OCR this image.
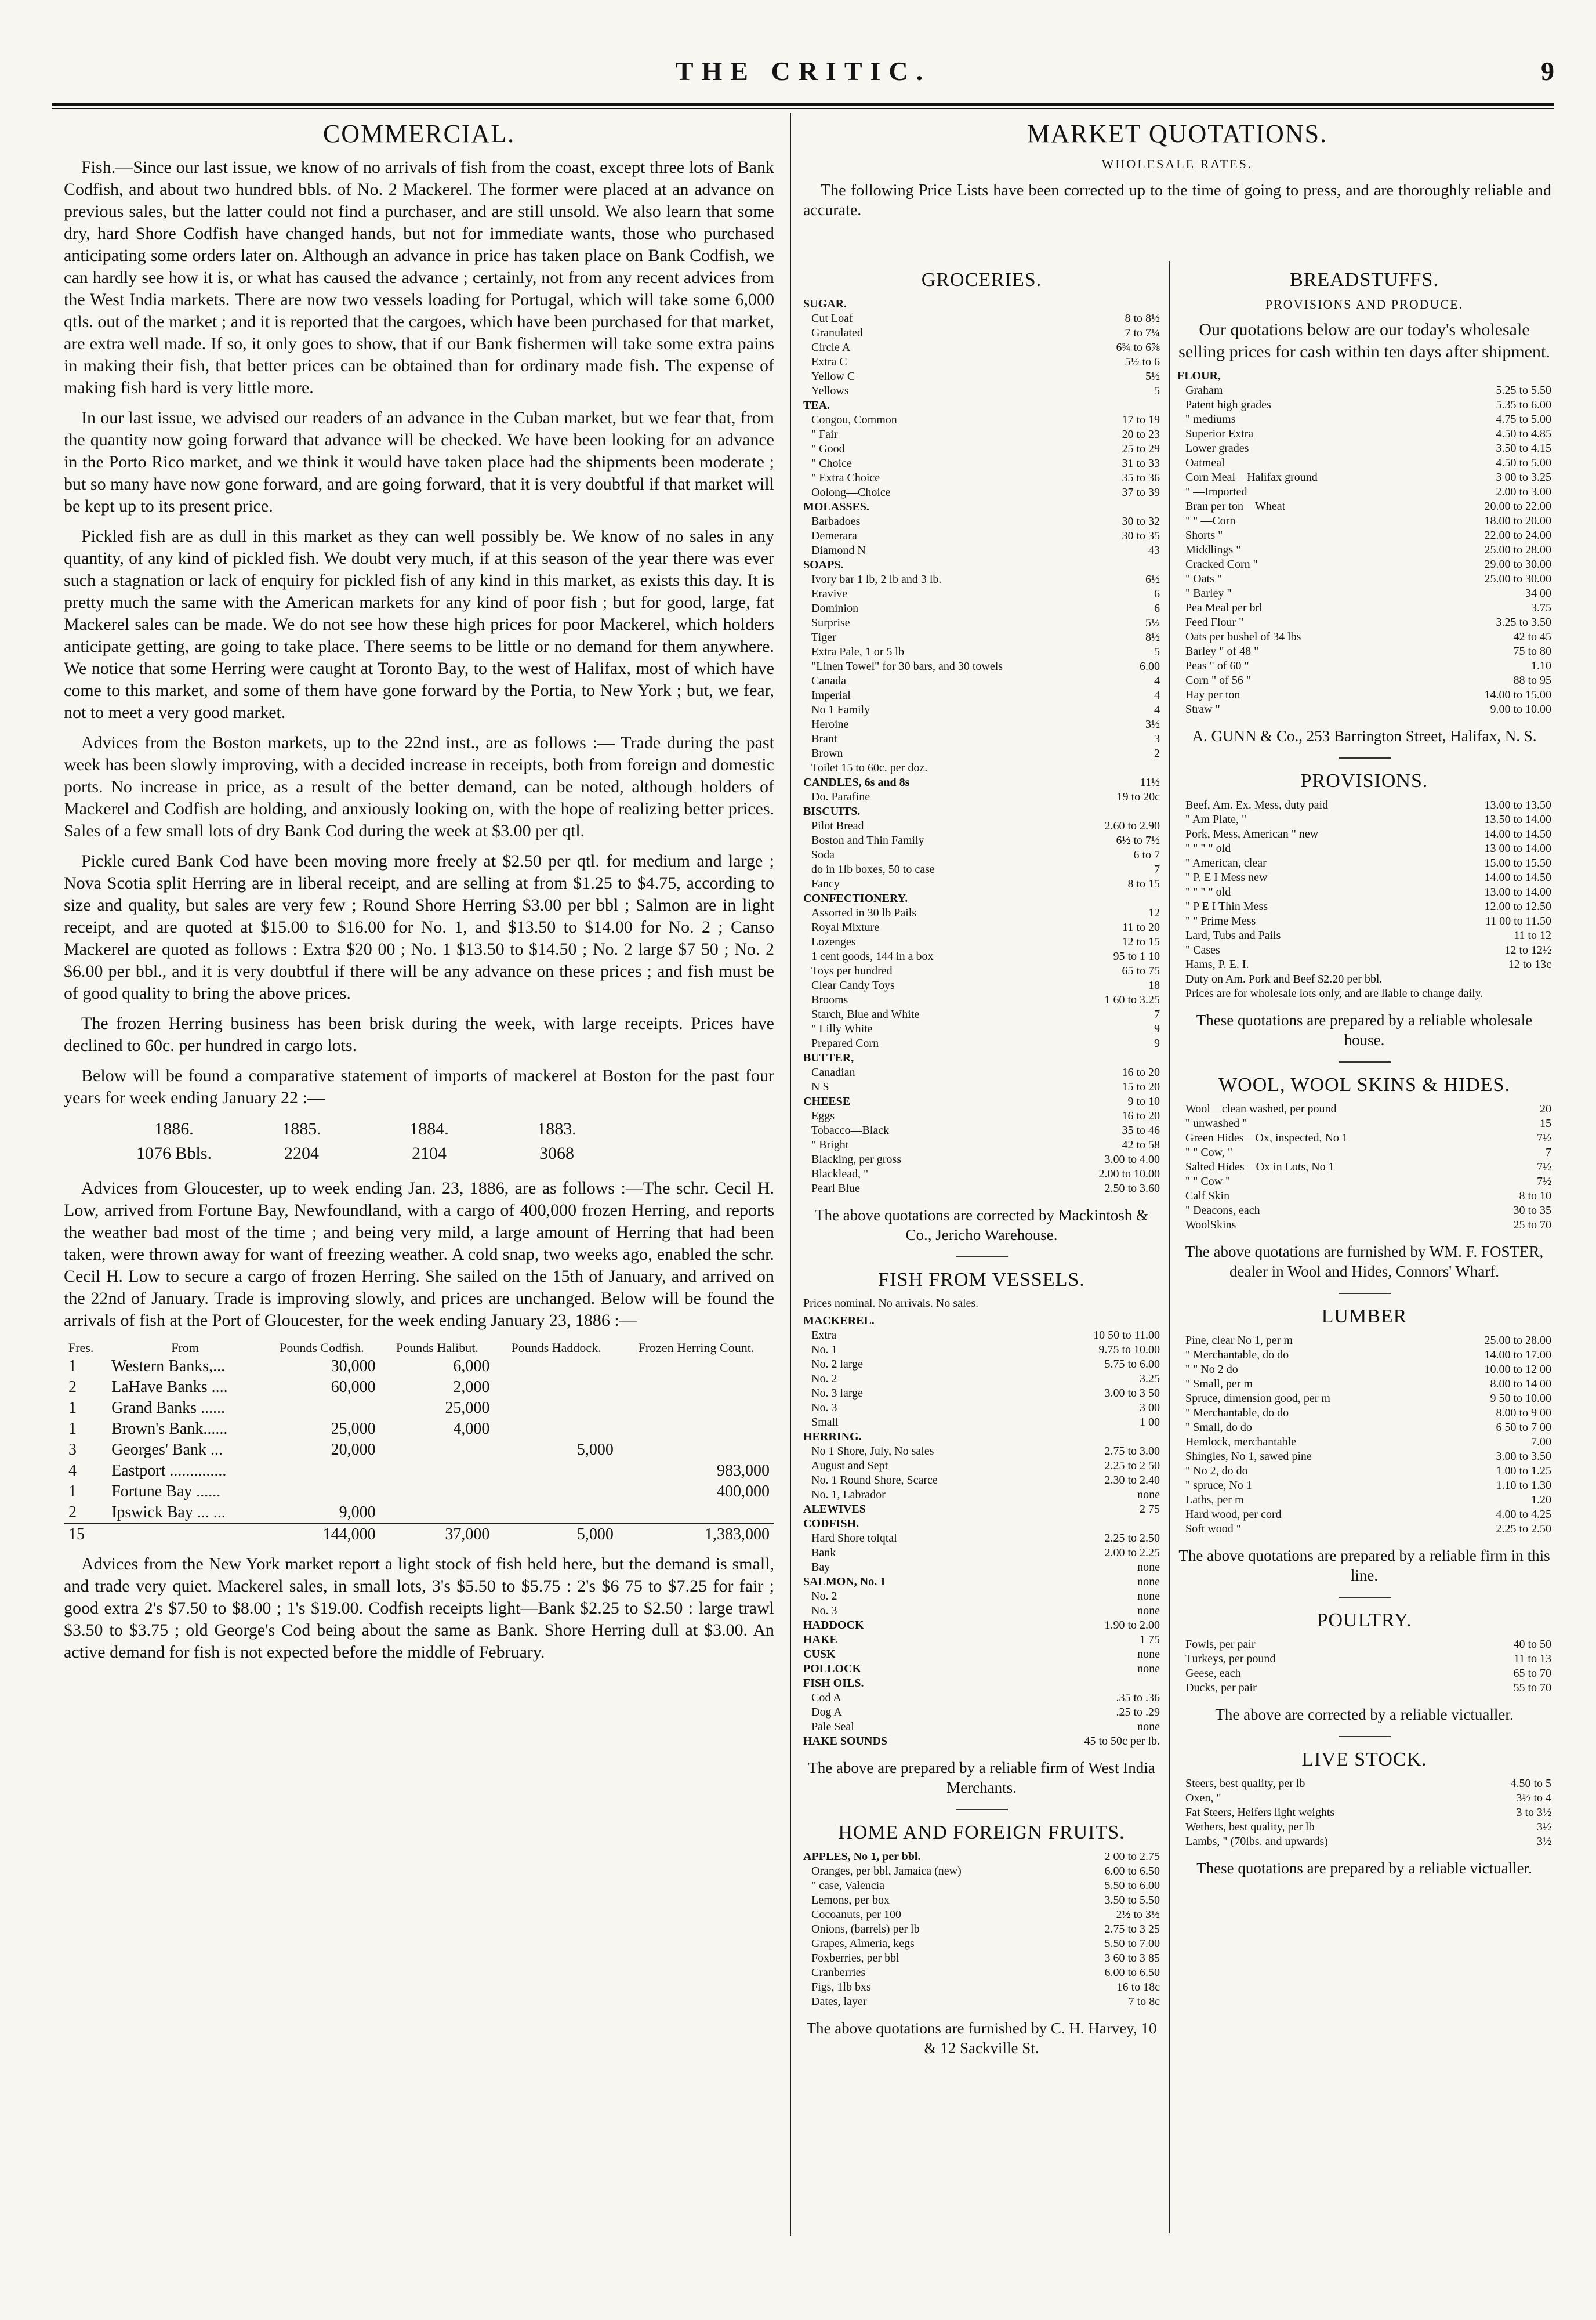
THE CRITIC.	9
COMMERCIAL.

Fish.—Since our last issue, we know of no arrivals of fish from the coast, except three lots of Bank Codfish, and about two hundred bbls. of No. 2 Mackerel. The former were placed at an advance on previous sales, but the latter could not find a purchaser, and are still unsold. We also learn that some dry, hard Shore Codfish have changed hands, but not for immediate wants, those who purchased anticipating some orders later on. Although an advance in price has taken place on Bank Codfish, we can hardly see how it is, or what has caused the advance ; certainly, not from any recent advices from the West India markets. There are now two vessels loading for Portugal, which will take some 6,000 qtls. out of the market ; and it is reported that the cargoes, which have been purchased for that market, are extra well made. If so, it only goes to show, that if our Bank fishermen will take some extra pains in making their fish, that better prices can be obtained than for ordinary made fish. The expense of making fish hard is very little more.

In our last issue, we advised our readers of an advance in the Cuban market, but we fear that, from the quantity now going forward that advance will be checked. We have been looking for an advance in the Porto Rico market, and we think it would have taken place had the shipments been moderate ; but so many have now gone forward, and are going forward, that it is very doubtful if that market will be kept up to its present price.

Pickled fish are as dull in this market as they can well possibly be. We know of no sales in any quantity, of any kind of pickled fish. We doubt very much, if at this season of the year there was ever such a stagnation or lack of enquiry for pickled fish of any kind in this market, as exists this day. It is pretty much the same with the American markets for any kind of poor fish ; but for good, large, fat Mackerel sales can be made. We do not see how these high prices for poor Mackerel, which holders anticipate getting, are going to take place. There seems to be little or no demand for them anywhere. We notice that some Herring were caught at Toronto Bay, to the west of Halifax, most of which have come to this market, and some of them have gone forward by the Portia, to New York ; but, we fear, not to meet a very good market.

Advices from the Boston markets, up to the 22nd inst., are as follows :— Trade during the past week has been slowly improving, with a decided increase in receipts, both from foreign and domestic ports. No increase in price, as a result of the better demand, can be noted, although holders of Mackerel and Codfish are holding, and anxiously looking on, with the hope of realizing better prices. Sales of a few small lots of dry Bank Cod during the week at $3.00 per qtl.

Pickle cured Bank Cod have been moving more freely at $2.50 per qtl. for medium and large ; Nova Scotia split Herring are in liberal receipt, and are selling at from $1.25 to $4.75, according to size and quality, but sales are very few ; Round Shore Herring $3.00 per bbl ; Salmon are in light receipt, and are quoted at $15.00 to $16.00 for No. 1, and $13.50 to $14.00 for No. 2 ; Canso Mackerel are quoted as follows : Extra $20 00 ; No. 1 $13.50 to $14.50 ; No. 2 large $7 50 ; No. 2 $6.00 per bbl., and it is very doubtful if there will be any advance on these prices ; and fish must be of good quality to bring the above prices.

The frozen Herring business has been brisk during the week, with large receipts. Prices have declined to 60c. per hundred in cargo lots.

Below will be found a comparative statement of imports of mackerel at Boston for the past four years for week ending January 22 :—

1886.	1885.	1884.	1883.
1076 Bbls.	2204	2104	3068

Advices from Gloucester, up to week ending Jan. 23, 1886, are as follows :—The schr. Cecil H. Low, arrived from Fortune Bay, Newfoundland, with a cargo of 400,000 frozen Herring, and reports the weather bad most of the time ; and being very mild, a large amount of Herring that had been taken, were thrown away for want of freezing weather. A cold snap, two weeks ago, enabled the schr. Cecil H. Low to secure a cargo of frozen Herring. She sailed on the 15th of January, and arrived on the 22nd of January. Trade is improving slowly, and prices are unchanged. Below will be found the arrivals of fish at the Port of Gloucester, for the week ending January 23, 1886 :—

Fres.	From	Pounds Codfish.	Pounds Halibut.	Pounds Haddock.	Frozen Herring Count.
1	Western Banks,...	30,000	6,000		
2	LaHave Banks ....	60,000	2,000		
1	Grand Banks ......		25,000		
1	Brown's Bank......	25,000	4,000		
3	Georges' Bank ...	20,000		5,000	
4	Eastport ..............				983,000
1	Fortune Bay ......				400,000
2	Ipswick Bay ... ...	9,000			
15		144,000	37,000	5,000	1,383,000

Advices from the New York market report a light stock of fish held here, but the demand is small, and trade very quiet. Mackerel sales, in small lots, 3's $5.50 to $5.75 : 2's $6 75 to $7.25 for fair ; good extra 2's $7.50 to $8.00 ; 1's $19.00. Codfish receipts light—Bank $2.25 to $2.50 : large trawl $3.50 to $3.75 ; old George's Cod being about the same as Bank. Shore Herring dull at $3.00. An active demand for fish is not expected before the middle of February.

MARKET QUOTATIONS.
WHOLESALE RATES.
The following Price Lists have been corrected up to the time of going to press, and are thoroughly reliable and accurate.
GROCERIES.
SUGAR.
Cut Loaf	8 to 8½
Granulated	7 to 7¼
Circle A	6¾ to 6⅞
Extra C	5½ to 6
Yellow C	5½
Yellows	5
TEA.
Congou, Common	17 to 19
" Fair	20 to 23
" Good	25 to 29
" Choice	31 to 33
" Extra Choice	35 to 36
Oolong—Choice	37 to 39
MOLASSES.
Barbadoes	30 to 32
Demerara	30 to 35
Diamond N	43
SOAPS.
Ivory bar 1 lb, 2 lb and 3 lb.	6½
Eravive	6
Dominion	6
Surprise	5½
Tiger	8½
Extra Pale, 1 or 5 lb	5
"Linen Towel" for 30 bars, and 30 towels	6.00
Canada	4
Imperial	4
No 1 Family	4
Heroine	3½
Brant	3
Brown	2
Toilet 15 to 60c. per doz.
CANDLES, 6s and 8s	11½
Do. Parafine	19 to 20c
BISCUITS.
Pilot Bread	2.60 to 2.90
Boston and Thin Family	6½ to 7½
Soda	6 to 7
do in 1lb boxes, 50 to case	7
Fancy	8 to 15
CONFECTIONERY.
Assorted in 30 lb Pails	12
Royal Mixture	11 to 20
Lozenges	12 to 15
1 cent goods, 144 in a box	95 to 1 10
Toys per hundred	65 to 75
Clear Candy Toys	18
Brooms	1 60 to 3.25
Starch, Blue and White	7
" Lilly White	9
Prepared Corn	9
BUTTER,
Canadian	16 to 20
N S	15 to 20
CHEESE	9 to 10
Eggs	16 to 20
Tobacco—Black	35 to 46
" Bright	42 to 58
Blacking, per gross	3.00 to 4.00
Blacklead, "	2.00 to 10.00
Pearl Blue	2.50 to 3.60
The above quotations are corrected by Mackintosh & Co., Jericho Warehouse.
FISH FROM VESSELS.
Prices nominal. No arrivals. No sales.
MACKEREL.
Extra	10 50 to 11.00
No. 1	9.75 to 10.00
No. 2 large	5.75 to 6.00
No. 2	3.25
No. 3 large	3.00 to 3 50
No. 3	3 00
Small	1 00
HERRING.
No 1 Shore, July, No sales	2.75 to 3.00
August and Sept	2.25 to 2 50
No. 1 Round Shore, Scarce	2.30 to 2.40
No. 1, Labrador	none
ALEWIVES	2 75
CODFISH.
Hard Shore tolqtal	2.25 to 2.50
Bank	2.00 to 2.25
Bay	none
SALMON, No. 1	none
No. 2	none
No. 3	none
HADDOCK	1.90 to 2.00
HAKE	1 75
CUSK	none
POLLOCK	none
FISH OILS.
Cod A	.35 to .36
Dog A	.25 to .29
Pale Seal	none
HAKE SOUNDS	45 to 50c per lb.
The above are prepared by a reliable firm of West India Merchants.
HOME AND FOREIGN FRUITS.
APPLES, No 1, per bbl.	2 00 to 2.75
Oranges, per bbl, Jamaica (new)	6.00 to 6.50
" case, Valencia	5.50 to 6.00
Lemons, per box	3.50 to 5.50
Cocoanuts, per 100	2½ to 3½
Onions, (barrels) per lb	2.75 to 3 25
Grapes, Almeria, kegs	5.50 to 7.00
Foxberries, per bbl	3 60 to 3 85
Cranberries	6.00 to 6.50
Figs, 1lb bxs	16 to 18c
Dates, layer	7 to 8c
The above quotations are furnished by C. H. Harvey, 10 & 12 Sackville St.
BREADSTUFFS.
PROVISIONS AND PRODUCE.
Our quotations below are our today's wholesale selling prices for cash within ten days after shipment.
FLOUR,
Graham	5.25 to 5.50
Patent high grades	5.35 to 6.00
" mediums	4.75 to 5.00
Superior Extra	4.50 to 4.85
Lower grades	3.50 to 4.15
Oatmeal	4.50 to 5.00
Corn Meal—Halifax ground	3 00 to 3.25
" —Imported	2.00 to 3.00
Bran per ton—Wheat	20.00 to 22.00
" " —Corn	18.00 to 20.00
Shorts "	22.00 to 24.00
Middlings "	25.00 to 28.00
Cracked Corn "	29.00 to 30.00
" Oats "	25.00 to 30.00
" Barley "	34 00
Pea Meal per brl	3.75
Feed Flour "	3.25 to 3.50
Oats per bushel of 34 lbs	42 to 45
Barley " of 48 "	75 to 80
Peas " of 60 "	1.10
Corn " of 56 "	88 to 95
Hay per ton	14.00 to 15.00
Straw "	9.00 to 10.00
A. GUNN & Co., 253 Barrington Street, Halifax, N. S.
PROVISIONS.
Beef, Am. Ex. Mess, duty paid	13.00 to 13.50
" Am Plate, "	13.50 to 14.00
Pork, Mess, American " new	14.00 to 14.50
" " " " old	13 00 to 14.00
" American, clear	15.00 to 15.50
" P. E I Mess new	14.00 to 14.50
" " " " old	13.00 to 14.00
" P E I Thin Mess	12.00 to 12.50
" " Prime Mess	11 00 to 11.50
Lard, Tubs and Pails	11 to 12
" Cases	12 to 12½
Hams, P. E. I.	12 to 13c
Duty on Am. Pork and Beef $2.20 per bbl.
Prices are for wholesale lots only, and are liable to change daily.
These quotations are prepared by a reliable wholesale house.
WOOL, WOOL SKINS & HIDES.
Wool—clean washed, per pound	20
" unwashed "	15
Green Hides—Ox, inspected, No 1	7½
" " Cow, "	7
Salted Hides—Ox in Lots, No 1	7½
" " Cow "	7½
Calf Skin	8 to 10
" Deacons, each	30 to 35
WoolSkins	25 to 70
The above quotations are furnished by WM. F. FOSTER, dealer in Wool and Hides, Connors' Wharf.
LUMBER
Pine, clear No 1, per m	25.00 to 28.00
" Merchantable, do do	14.00 to 17.00
" " No 2 do	10.00 to 12 00
" Small, per m	8.00 to 14 00
Spruce, dimension good, per m	9 50 to 10.00
" Merchantable, do do	8.00 to 9 00
" Small, do do	6 50 to 7 00
Hemlock, merchantable	7.00
Shingles, No 1, sawed pine	3.00 to 3.50
" No 2, do do	1 00 to 1.25
" spruce, No 1	1.10 to 1.30
Laths, per m	1.20
Hard wood, per cord	4.00 to 4.25
Soft wood "	2.25 to 2.50
The above quotations are prepared by a reliable firm in this line.
POULTRY.
Fowls, per pair	40 to 50
Turkeys, per pound	11 to 13
Geese, each	65 to 70
Ducks, per pair	55 to 70
The above are corrected by a reliable victualler.
LIVE STOCK.
Steers, best quality, per lb	4.50 to 5
Oxen, "	3½ to 4
Fat Steers, Heifers light weights	3 to 3½
Wethers, best quality, per lb	3½
Lambs, " (70lbs. and upwards)	3½
These quotations are prepared by a reliable victualler.
